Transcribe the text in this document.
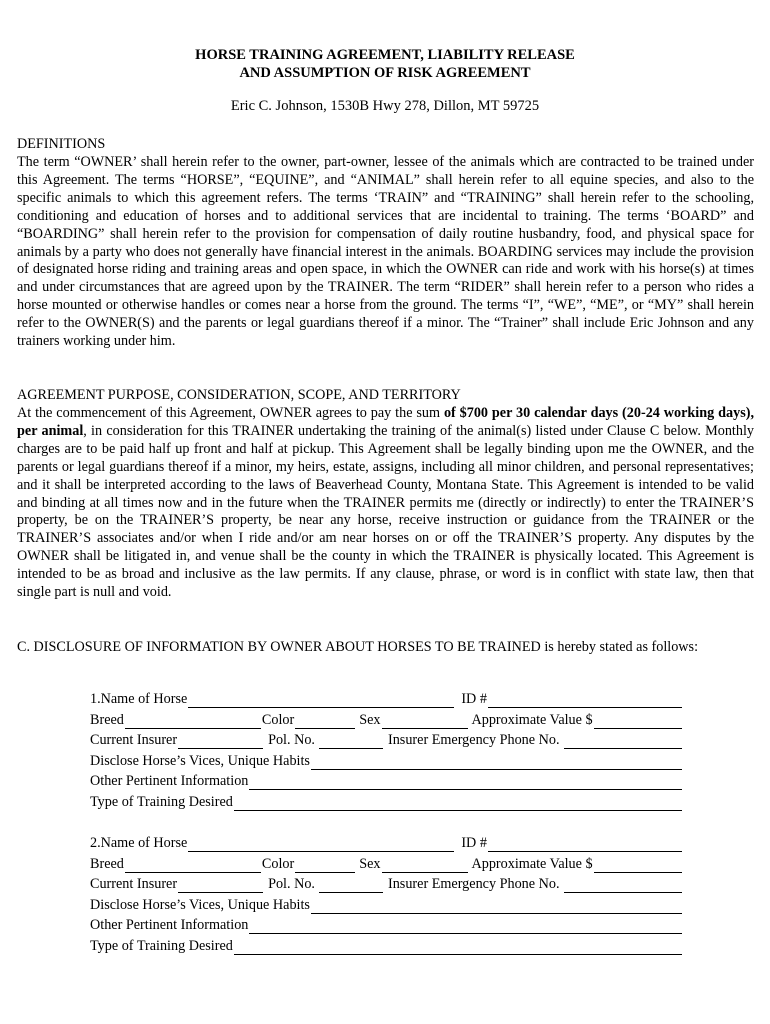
HORSE TRAINING AGREEMENT, LIABILITY RELEASE
AND ASSUMPTION OF RISK AGREEMENT
Eric C. Johnson, 1530B Hwy 278, Dillon, MT 59725
DEFINITIONS

The term “OWNER’ shall herein refer to the owner, part-owner, lessee of the animals which are contracted to be trained under this Agreement. The terms “HORSE”, “EQUINE”, and “ANIMAL” shall herein refer to all equine species, and also to the specific animals to which this agreement refers. The terms ‘TRAIN” and “TRAINING” shall herein refer to the schooling, conditioning and education of horses and to additional services that are incidental to training. The terms ‘BOARD” and “BOARDING” shall herein refer to the provision for compensation of daily routine husbandry, food, and physical space for animals by a party who does not generally have financial interest in the animals. BOARDING services may include the provision of designated horse riding and training areas and open space, in which the OWNER can ride and work with his horse(s) at times and under circumstances that are agreed upon by the TRAINER. The term “RIDER” shall herein refer to a person who rides a horse mounted or otherwise handles or comes near a horse from the ground. The terms “I”, “WE”, “ME”, or “MY” shall herein refer to the OWNER(S) and the parents or legal guardians thereof if a minor. The “Trainer” shall include Eric Johnson and any trainers working under him.

AGREEMENT PURPOSE, CONSIDERATION, SCOPE, AND TERRITORY

At the commencement of this Agreement, OWNER agrees to pay the sum of $700 per 30 calendar days (20-24 working days), per animal, in consideration for this TRAINER undertaking the training of the animal(s) listed under Clause C below. Monthly charges are to be paid half up front and half at pickup. This Agreement shall be legally binding upon me the OWNER, and the parents or legal guardians thereof if a minor, my heirs, estate, assigns, including all minor children, and personal representatives; and it shall be interpreted according to the laws of Beaverhead County, Montana State. This Agreement is intended to be valid and binding at all times now and in the future when the TRAINER permits me (directly or indirectly) to enter the TRAINER’S property, be on the TRAINER’S property, be near any horse, receive instruction or guidance from the TRAINER or the TRAINER’S associates and/or when I ride and/or am near horses on or off the TRAINER’S property. Any disputes by the OWNER shall be litigated in, and venue shall be the county in which the TRAINER is physically located. This Agreement is intended to be as broad and inclusive as the law permits. If any clause, phrase, or word is in conflict with state law, then that single part is null and void.

C. DISCLOSURE OF INFORMATION BY OWNER ABOUT HORSES TO BE TRAINED is hereby stated as follows:

1.Name of Horse	ID #
Breed	Color	Sex	Approximate Value $
Current Insurer	Pol. No.	Insurer Emergency Phone No.
Disclose Horse’s Vices, Unique Habits
Other Pertinent Information
Type of Training Desired
2.Name of Horse	ID #
Breed	Color	Sex	Approximate Value $
Current Insurer	Pol. No.	Insurer Emergency Phone No.
Disclose Horse’s Vices, Unique Habits
Other Pertinent Information
Type of Training Desired
